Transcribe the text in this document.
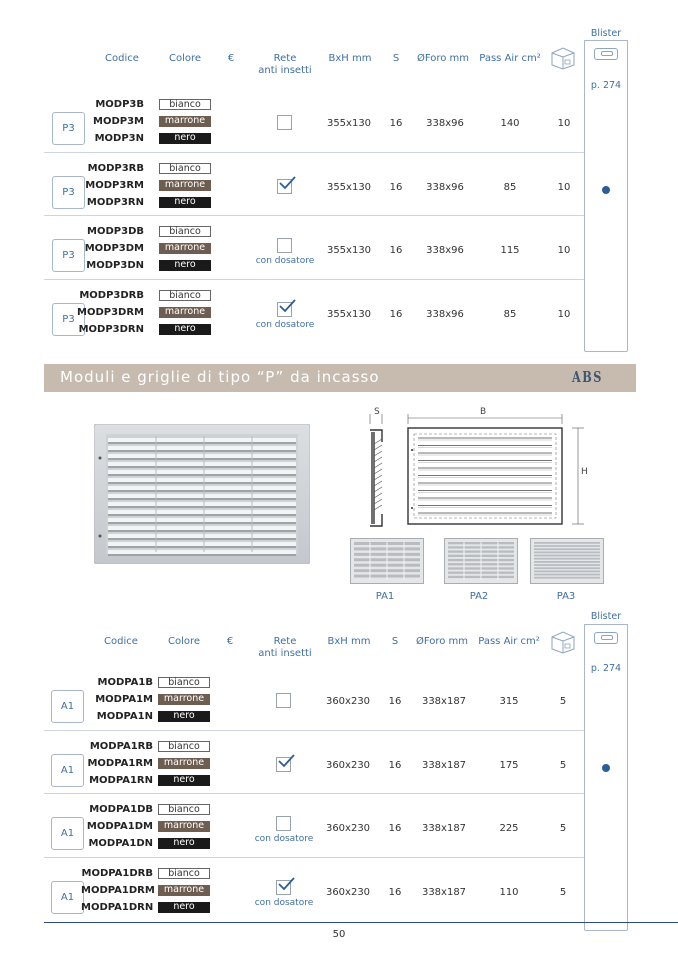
Blister
p. 274
Codice	Colore	€	Rete
anti insetti
BxH mm	S	ØForo mm Pass Air cm²
P3
MODP3B	bianco
MODP3M	marrone
MODP3N	nero
355x130 16	338x96	140	10
P3
MODP3RB	bianco
MODP3RM	marrone
MODP3RN	nero
355x130 16	338x96	85	10
P3
MODP3DB	bianco
MODP3DM	marrone
MODP3DN	nero	con dosatore
355x130 16	338x96	115	10
P3
MODP3DRB	bianco
MODP3DRM	marrone
MODP3DRN	nero	con dosatore
355x130 16	338x96	85	10
Moduli e griglie di tipo “P” da incasso	ABS
S	B
H
PA1	PA2	PA3
Blister
p. 274
Codice	Colore	€	Rete
anti insetti
BxH mm	S	ØForo mm Pass Air cm²
A1
MODPA1B	bianco
MODPA1M	marrone
MODPA1N	nero
360x230 16 338x187	315	5
A1
MODPA1RB	bianco
MODPA1RM	marrone
MODPA1RN	nero
360x230 16 338x187	175	5
A1
MODPA1DB	bianco
MODPA1DM	marrone
MODPA1DN	nero	con dosatore
360x230 16 338x187	225	5
A1
MODPA1DRB	bianco
MODPA1DRM marrone
MODPA1DRN	nero	con dosatore
360x230 16 338x187	110	5
50
